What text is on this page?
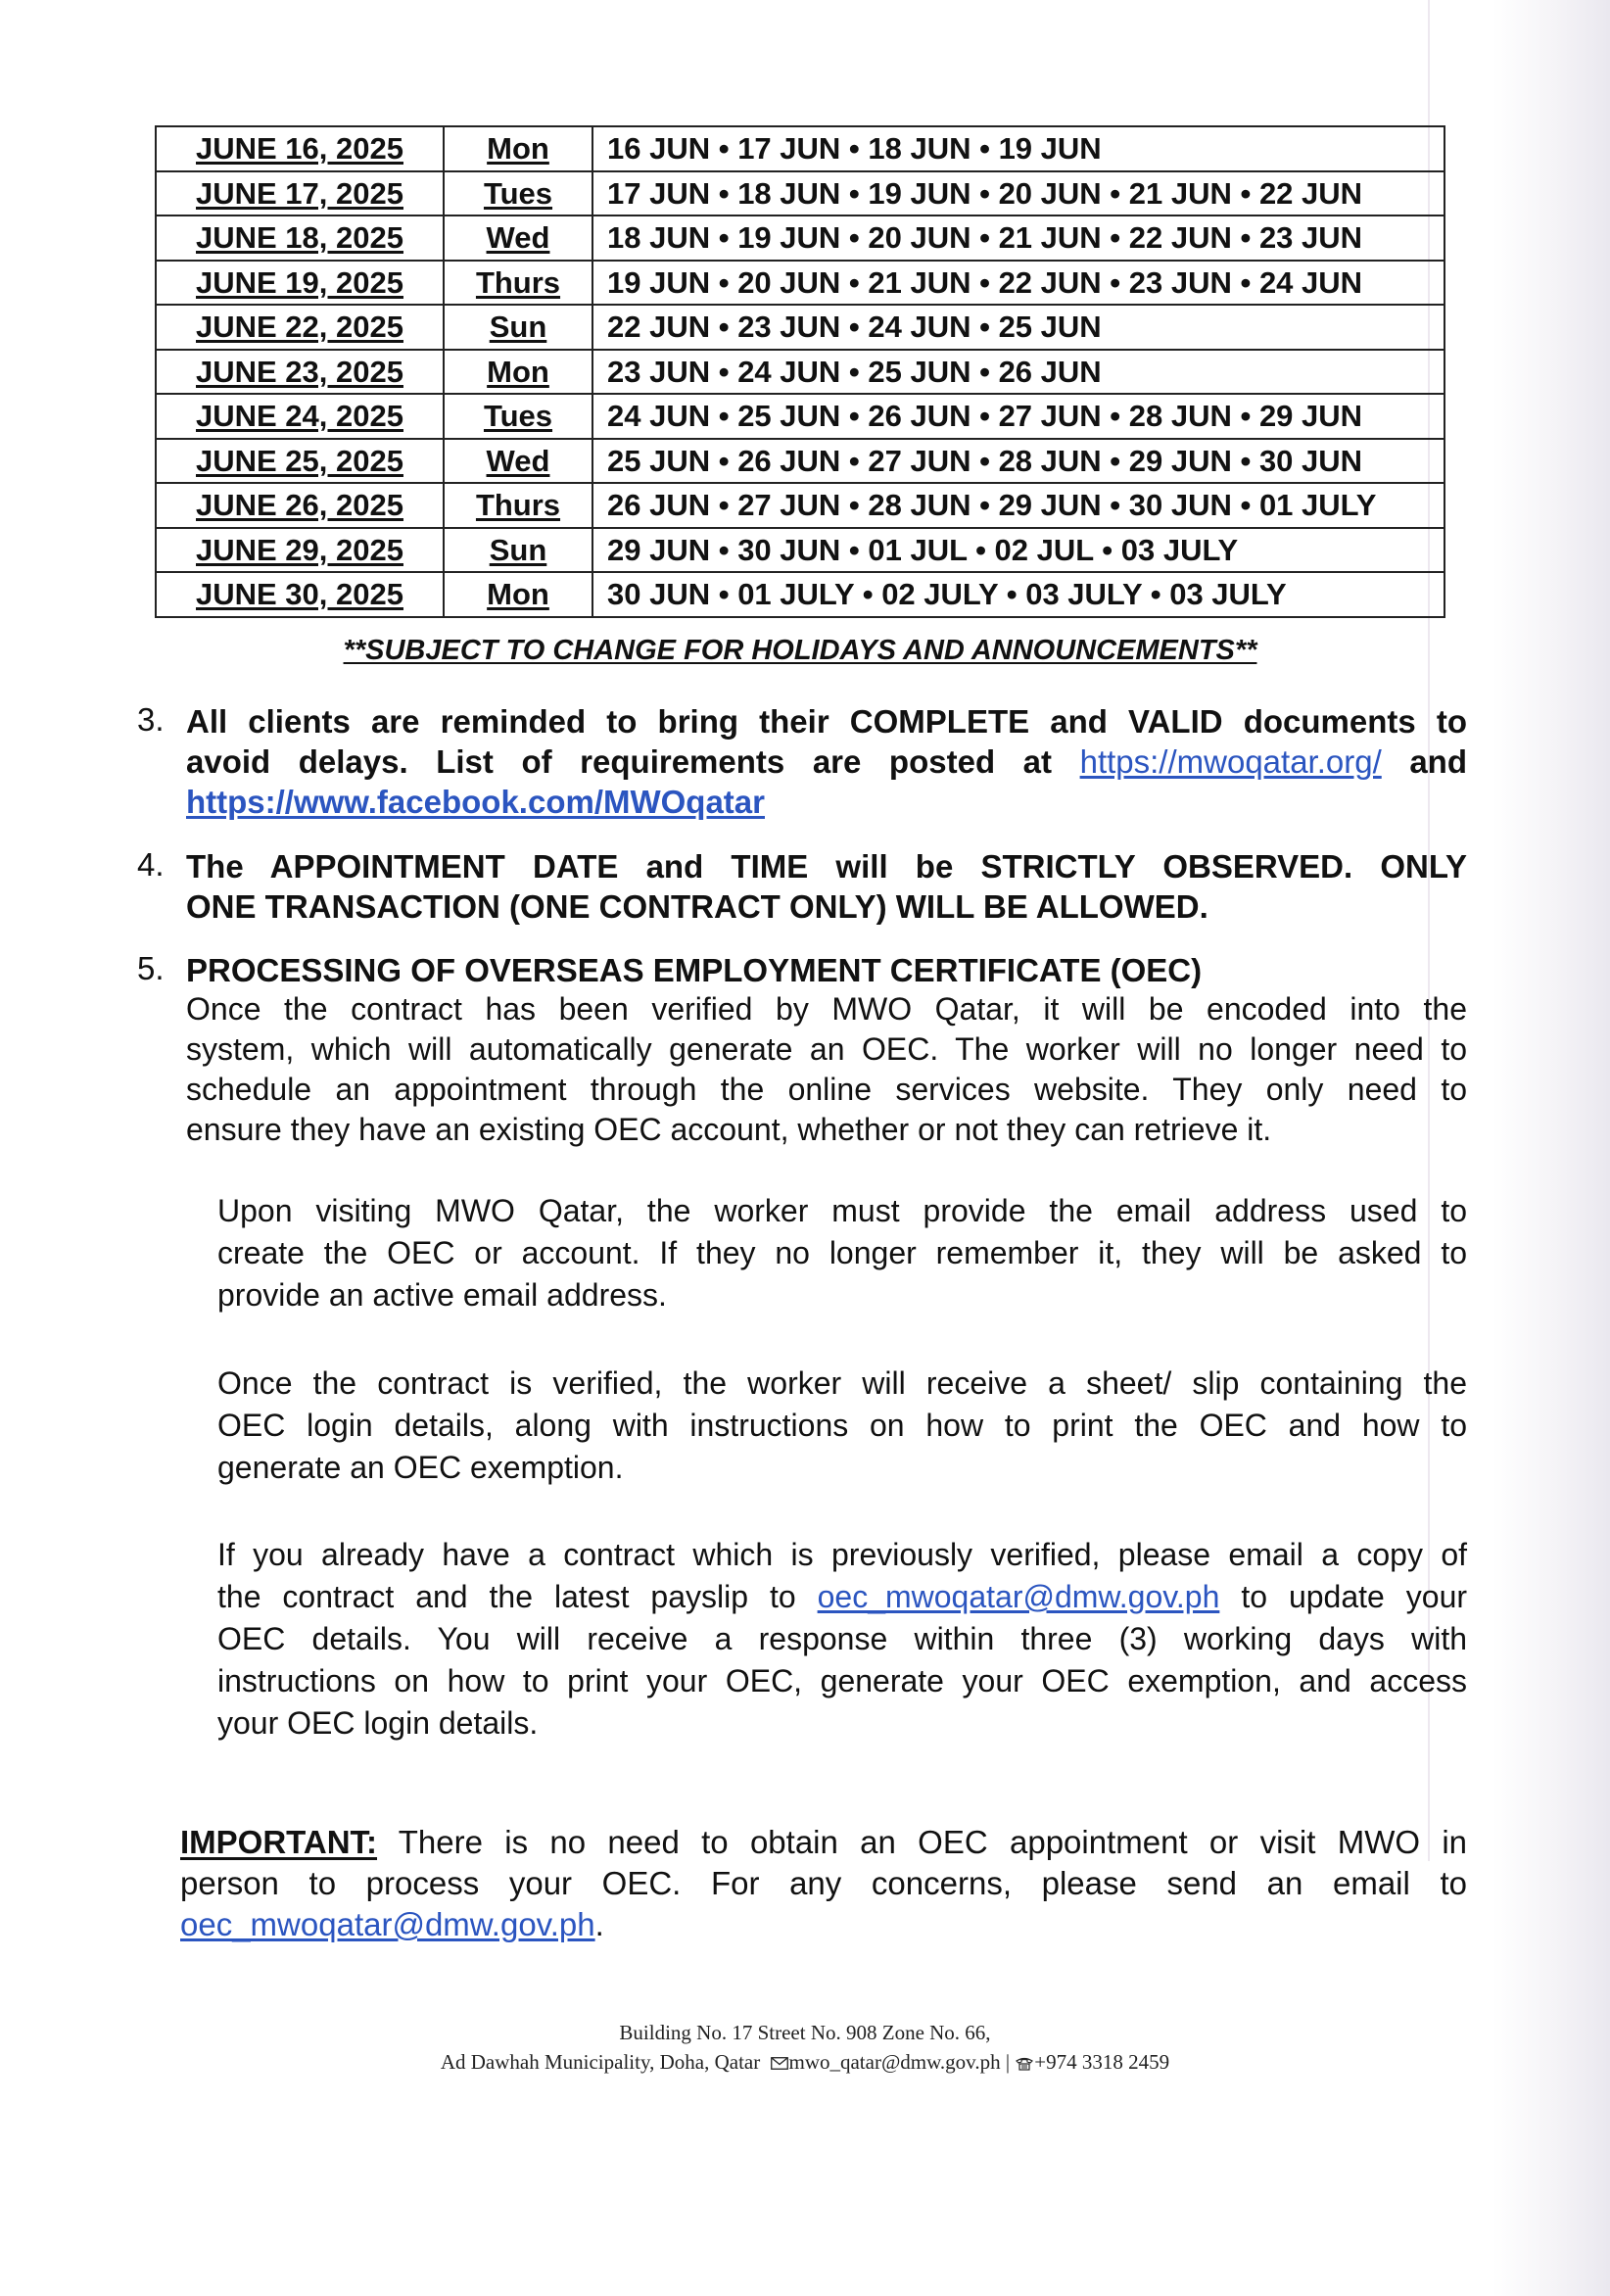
JUNE 16, 2025	Mon	16 JUN • 17 JUN • 18 JUN • 19 JUN
JUNE 17, 2025	Tues	17 JUN • 18 JUN • 19 JUN • 20 JUN • 21 JUN • 22 JUN
JUNE 18, 2025	Wed	18 JUN • 19 JUN • 20 JUN • 21 JUN • 22 JUN • 23 JUN
JUNE 19, 2025	Thurs	19 JUN • 20 JUN • 21 JUN • 22 JUN • 23 JUN • 24 JUN
JUNE 22, 2025	Sun	22 JUN • 23 JUN • 24 JUN • 25 JUN
JUNE 23, 2025	Mon	23 JUN • 24 JUN • 25 JUN • 26 JUN
JUNE 24, 2025	Tues	24 JUN • 25 JUN • 26 JUN • 27 JUN • 28 JUN • 29 JUN
JUNE 25, 2025	Wed	25 JUN • 26 JUN • 27 JUN • 28 JUN • 29 JUN • 30 JUN
JUNE 26, 2025	Thurs	26 JUN • 27 JUN • 28 JUN • 29 JUN • 30 JUN • 01 JULY
JUNE 29, 2025	Sun	29 JUN • 30 JUN • 01 JUL • 02 JUL • 03 JULY
JUNE 30, 2025	Mon	30 JUN • 01 JULY • 02 JULY • 03 JULY • 03 JULY
**SUBJECT TO CHANGE FOR HOLIDAYS AND ANNOUNCEMENTS**
3. All clients are reminded to bring their COMPLETE and VALID documents to
avoid delays. List of requirements are posted at https://mwoqatar.org/ and
https://www.facebook.com/MWOqatar
4. The APPOINTMENT DATE and TIME will be STRICTLY OBSERVED. ONLY
ONE TRANSACTION (ONE CONTRACT ONLY) WILL BE ALLOWED.
5. PROCESSING OF OVERSEAS EMPLOYMENT CERTIFICATE (OEC)
Once the contract has been verified by MWO Qatar, it will be encoded into the
system, which will automatically generate an OEC. The worker will no longer need to
schedule an appointment through the online services website. They only need to
ensure they have an existing OEC account, whether or not they can retrieve it.
Upon visiting MWO Qatar, the worker must provide the email address used to
create the OEC or account. If they no longer remember it, they will be asked to
provide an active email address.
Once the contract is verified, the worker will receive a sheet/ slip containing the
OEC login details, along with instructions on how to print the OEC and how to
generate an OEC exemption.
If you already have a contract which is previously verified, please email a copy of
the contract and the latest payslip to oec_mwoqatar@dmw.gov.ph to update your
OEC details. You will receive a response within three (3) working days with
instructions on how to print your OEC, generate your OEC exemption, and access
your OEC login details.
IMPORTANT: There is no need to obtain an OEC appointment or visit MWO in
person to process your OEC. For any concerns, please send an email to
oec_mwoqatar@dmw.gov.ph.
Building No. 17 Street No. 908 Zone No. 66,
Ad Dawhah Municipality, Doha, Qatar mwo_qatar@dmw.gov.ph | +974 3318 2459
